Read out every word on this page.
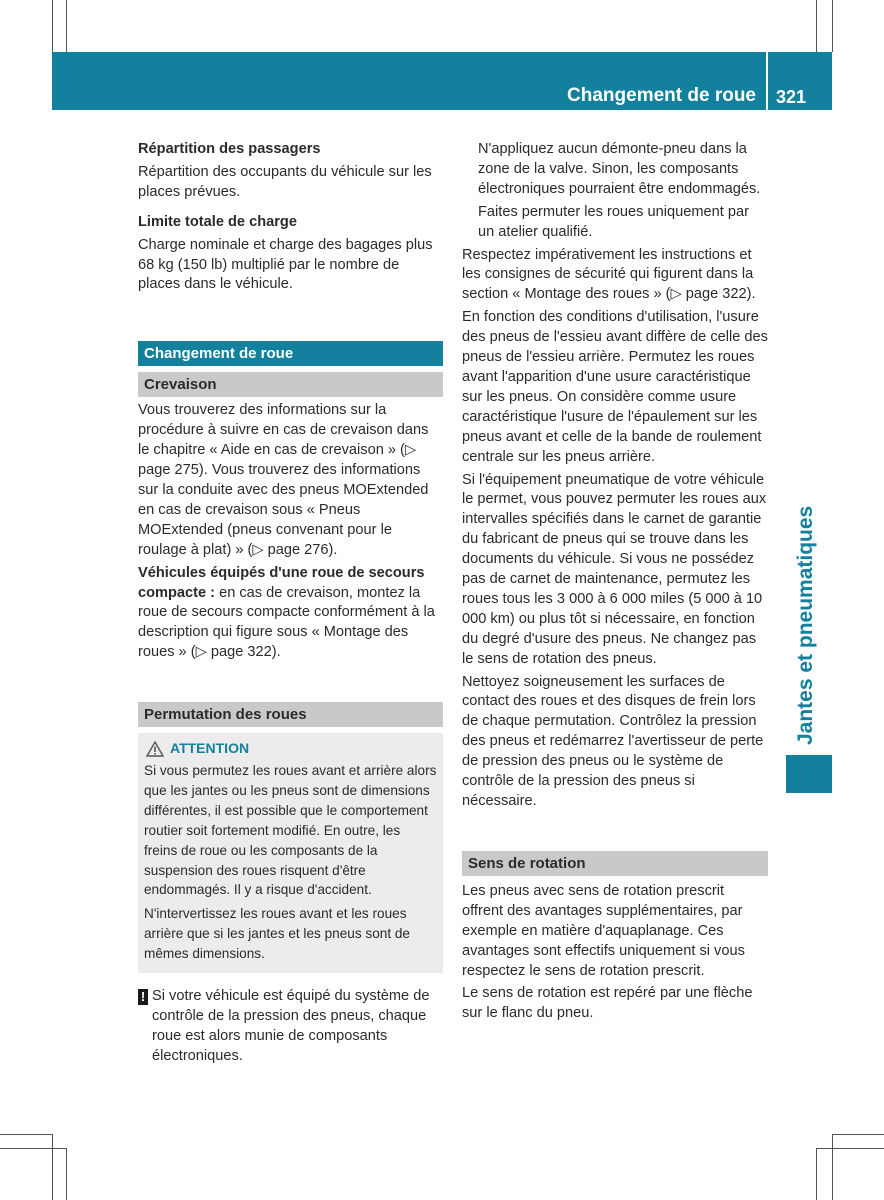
Changement de roue 321
Jantes et pneumatiques

Répartition des passagers

Répartition des occupants du véhicule sur les places prévues.

Limite totale de charge

Charge nominale et charge des bagages plus 68 kg (150 lb) multiplié par le nombre de places dans le véhicule.

Changement de roue
Crevaison

Vous trouverez des informations sur la procédure à suivre en cas de crevaison dans le chapitre « Aide en cas de crevaison » (▷ page 275). Vous trouverez des informations sur la conduite avec des pneus MOExtended en cas de crevaison sous « Pneus MOExtended (pneus convenant pour le roulage à plat) » (▷ page 276).

Véhicules équipés d'une roue de secours compacte : en cas de crevaison, montez la roue de secours compacte conformément à la description qui figure sous « Montage des roues » (▷ page 322).

Permutation des roues
ATTENTION

Si vous permutez les roues avant et arrière alors que les jantes ou les pneus sont de dimensions différentes, il est possible que le comportement routier soit fortement modifié. En outre, les freins de roue ou les composants de la suspension des roues risquent d'être endommagés. Il y a risque d'accident.

N'intervertissez les roues avant et les roues arrière que si les jantes et les pneus sont de mêmes dimensions.

! Si votre véhicule est équipé du système de contrôle de la pression des pneus, chaque roue est alors munie de composants électroniques.

N'appliquez aucun démonte-pneu dans la zone de la valve. Sinon, les composants électroniques pourraient être endommagés.

Faites permuter les roues uniquement par un atelier qualifié.

Respectez impérativement les instructions et les consignes de sécurité qui figurent dans la section « Montage des roues » (▷ page 322).

En fonction des conditions d'utilisation, l'usure des pneus de l'essieu avant diffère de celle des pneus de l'essieu arrière. Permutez les roues avant l'apparition d'une usure caractéristique sur les pneus. On considère comme usure caractéristique l'usure de l'épaulement sur les pneus avant et celle de la bande de roulement centrale sur les pneus arrière.

Si l'équipement pneumatique de votre véhicule le permet, vous pouvez permuter les roues aux intervalles spécifiés dans le carnet de garantie du fabricant de pneus qui se trouve dans les documents du véhicule. Si vous ne possédez pas de carnet de maintenance, permutez les roues tous les 3 000 à 6 000 miles (5 000 à 10 000 km) ou plus tôt si nécessaire, en fonction du degré d'usure des pneus. Ne changez pas le sens de rotation des pneus.

Nettoyez soigneusement les surfaces de contact des roues et des disques de frein lors de chaque permutation. Contrôlez la pression des pneus et redémarrez l'avertisseur de perte de pression des pneus ou le système de contrôle de la pression des pneus si nécessaire.

Sens de rotation

Les pneus avec sens de rotation prescrit offrent des avantages supplémentaires, par exemple en matière d'aquaplanage. Ces avantages sont effectifs uniquement si vous respectez le sens de rotation prescrit.

Le sens de rotation est repéré par une flèche sur le flanc du pneu.
